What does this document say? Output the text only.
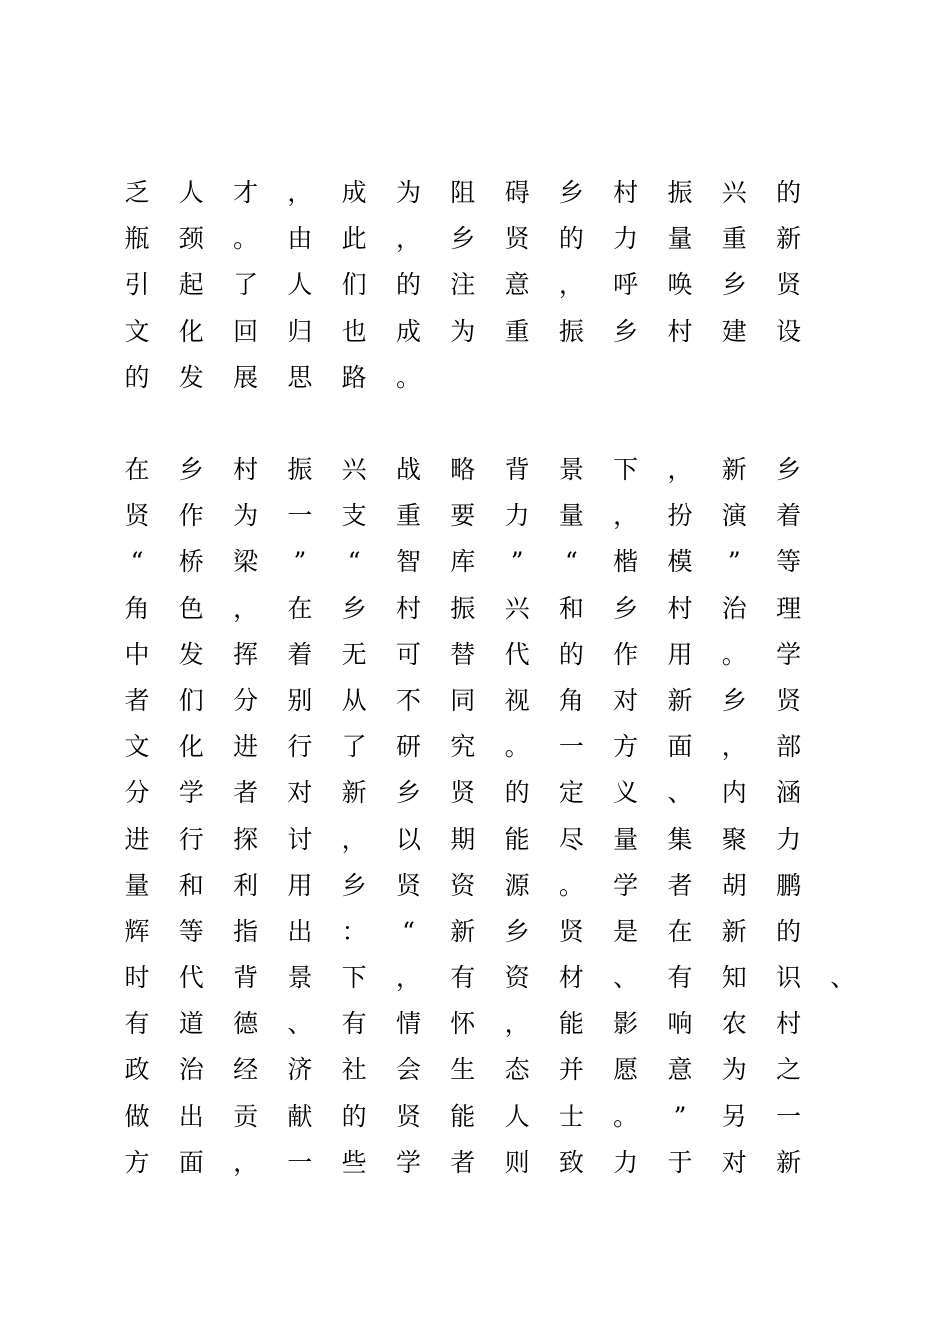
乏 人 才 ， 成 为 阻 碍 乡 村 振 兴 的
瓶 颈 。 由 此 ， 乡 贤 的 力 量 重 新
引 起 了 人 们 的 注 意 ， 呼 唤 乡 贤
文 化 回 归 也 成 为 重 振 乡 村 建 设
的 发 展 思 路 。
在 乡 村 振 兴 战 略 背 景 下 ， 新 乡
贤 作 为 一 支 重 要 力 量 ， 扮 演 着
“	桥 梁	”	“	智 库	”	“	楷 模	”	等
角 色 ， 在 乡 村 振 兴 和 乡 村 治 理
中 发 挥 着 无 可 替 代 的 作 用 。 学
者 们 分 别 从 不 同 视 角 对 新 乡 贤
文 化 进 行 了 研 究 。 一 方 面 ， 部
分 学 者 对 新 乡 贤 的 定 义 、 内 涵
进 行 探 讨 ， 以 期 能 尽 量 集 聚 力
量 和 利 用 乡 贤 资 源 。 学 者 胡 鹏
辉 等 指 出 ：	“	新 乡 贤 是 在 新 的
时 代 背 景 下 ， 有 资 材 、 有 知 识 、
有 道 德 、 有 情 怀 ， 能 影 响 农 村
政 治 经 济 社 会 生 态 并 愿 意 为 之
做 出 贡 献 的 贤 能 人 士 。	”	另 一
方 面 ， 一 些 学 者 则 致 力 于 对 新
